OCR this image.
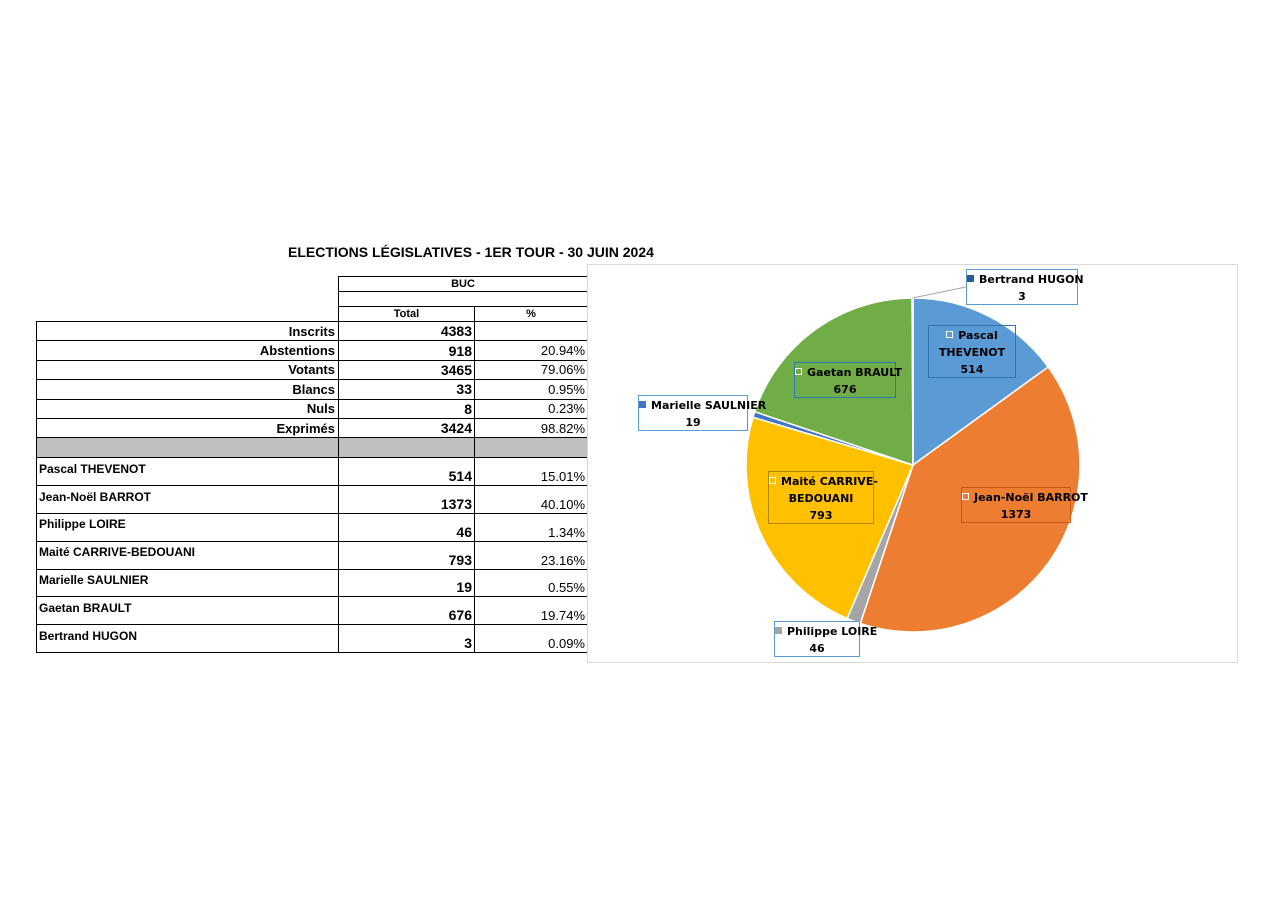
ELECTIONS LÉGISLATIVES - 1ER TOUR - 30 JUIN 2024
	BUC	

	Total	%
Inscrits	4383	
Abstentions	918	20.94%
Votants	3465	79.06%
Blancs	33	0.95%
Nuls	8	0.23%
Exprimés	3424	98.82%

Pascal THEVENOT	514	15.01%
Jean-Noël BARROT	1373	40.10%
Philippe LOIRE	46	1.34%
Maité CARRIVE-BEDOUANI	793	23.16%
Marielle SAULNIER	19	0.55%
Gaetan BRAULT	676	19.74%
Bertrand HUGON	3	0.09%
Pascal
THEVENOT
514
Jean-Noël BARROT
1373
Philippe LOIRE
46
Maité CARRIVE-
BEDOUANI
793
Marielle SAULNIER
19
Gaetan BRAULT
676
Bertrand HUGON
3
